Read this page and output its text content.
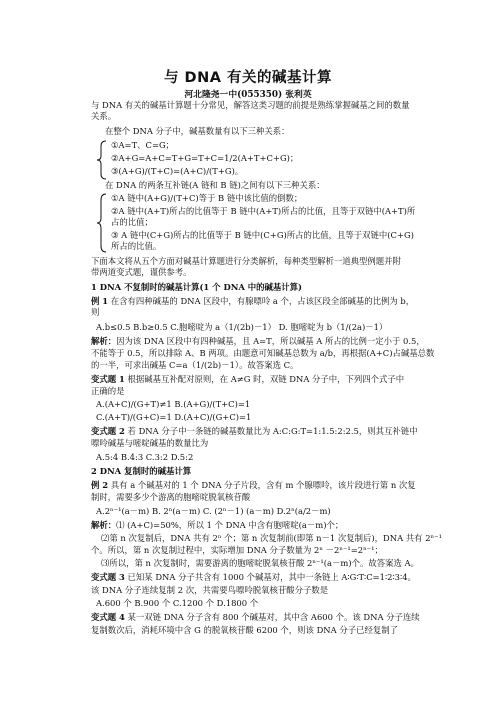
与 DNA 有关的碱基计算
河北隆尧一中(055350) 张利英
与 DNA 有关的碱基计算题十分常见，解答这类习题的前提是熟练掌握碱基之间的数量
关系。
在整个 DNA 分子中，碱基数量有以下三种关系：
①A=T、C=G；
②A+G=A+C=T+G=T+C=1/2(A+T+C+G)；
③(A+G)/(T+C)=(A+C)/(T+G)。
在 DNA 的两条互补链(A 链和 B 链)之间有以下三种关系：
①A 链中(A+G)/(T+C)等于 B 链中该比值的倒数；
②A 链中(A+T)所占的比值等于 B 链中(A+T)所占的比值，且等于双链中(A+T)所
占的比值；
③ A 链中(C+G)所占的比值等于 B 链中(C+G)所占的比值，且等于双链中(C+G)
所占的比值。
下面本文将从五个方面对碱基计算题进行分类解析，每种类型解析一道典型例题并附
带两道变式题，谨供参考。
1 DNA 不复制时的碱基计算(1 个 DNA 中的碱基计算)
例 1 在含有四种碱基的 DNA 区段中，有腺嘌呤 a 个，占该区段全部碱基的比例为 b，
则
A.b≤0.5 B.b≥0.5 C.胞嘧啶为 a（1/(2b)－1） D. 胞嘧啶为 b（1/(2a)－1）
解析：因为该 DNA 区段中有四种碱基，且 A=T，所以碱基 A 所占的比例一定小于 0.5，
不能等于 0.5，所以排除 A、B 两项。由题意可知碱基总数为 a/b，再根据(A+C)占碱基总数
的一半，可求出碱基 C=a（1/(2b)－1）。故答案选 C。
变式题 1 根据碱基互补配对原则，在 A≠G 时，双链 DNA 分子中，下列四个式子中
正确的是
A.(A+C)/(G+T)≠1 B.(A+G)/(T+C)=1
C.(A+T)/(G+C)=1 D.(A+C)/(G+C)=1
变式题 2 若 DNA 分子中一条链的碱基数量比为 A:C:G:T=1:1.5:2:2.5，则其互补链中
嘌呤碱基与嘧啶碱基的数量比为
A.5:4 B.4:3 C.3:2 D.5:2
2 DNA 复制时的碱基计算
例 2 具有 a 个碱基对的 1 个 DNA 分子片段，含有 m 个腺嘌呤，该片段进行第 n 次复
制时，需要多少个游离的胞嘧啶脱氧核苷酸
A.2ⁿ⁻¹(a－m) B. 2ⁿ(a－m) C. (2ⁿ－1) (a－m) D.2ⁿ(a/2－m)
解析：⑴ (A+C)=50%，所以 1 个 DNA 中含有胞嘧啶(a－m)个；
⑵第 n 次复制后，DNA 共有 2ⁿ 个；第 n 次复制前(即第 n－1 次复制后)，DNA 共有 2ⁿ⁻¹
个。所以，第 n 次复制过程中，实际增加 DNA 分子数量为 2ⁿ －2ⁿ⁻¹=2ⁿ⁻¹；
⑶所以，第 n 次复制时，需要游离的胞嘧啶脱氧核苷酸 2ⁿ⁻¹(a－m)个。故答案选 A。
变式题 3 已知某 DNA 分子共含有 1000 个碱基对，其中一条链上 A∶G∶T∶C=1∶2∶3∶4。
该 DNA 分子连续复制 2 次，共需要鸟嘌呤脱氧核苷酸分子数是
A.600 个 B.900 个 C.1200 个 D.1800 个
变式题 4 某一双链 DNA 分子含有 800 个碱基对，其中含 A600 个。该 DNA 分子连续
复制数次后，消耗环境中含 G 的脱氧核苷酸 6200 个，则该 DNA 分子已经复制了
